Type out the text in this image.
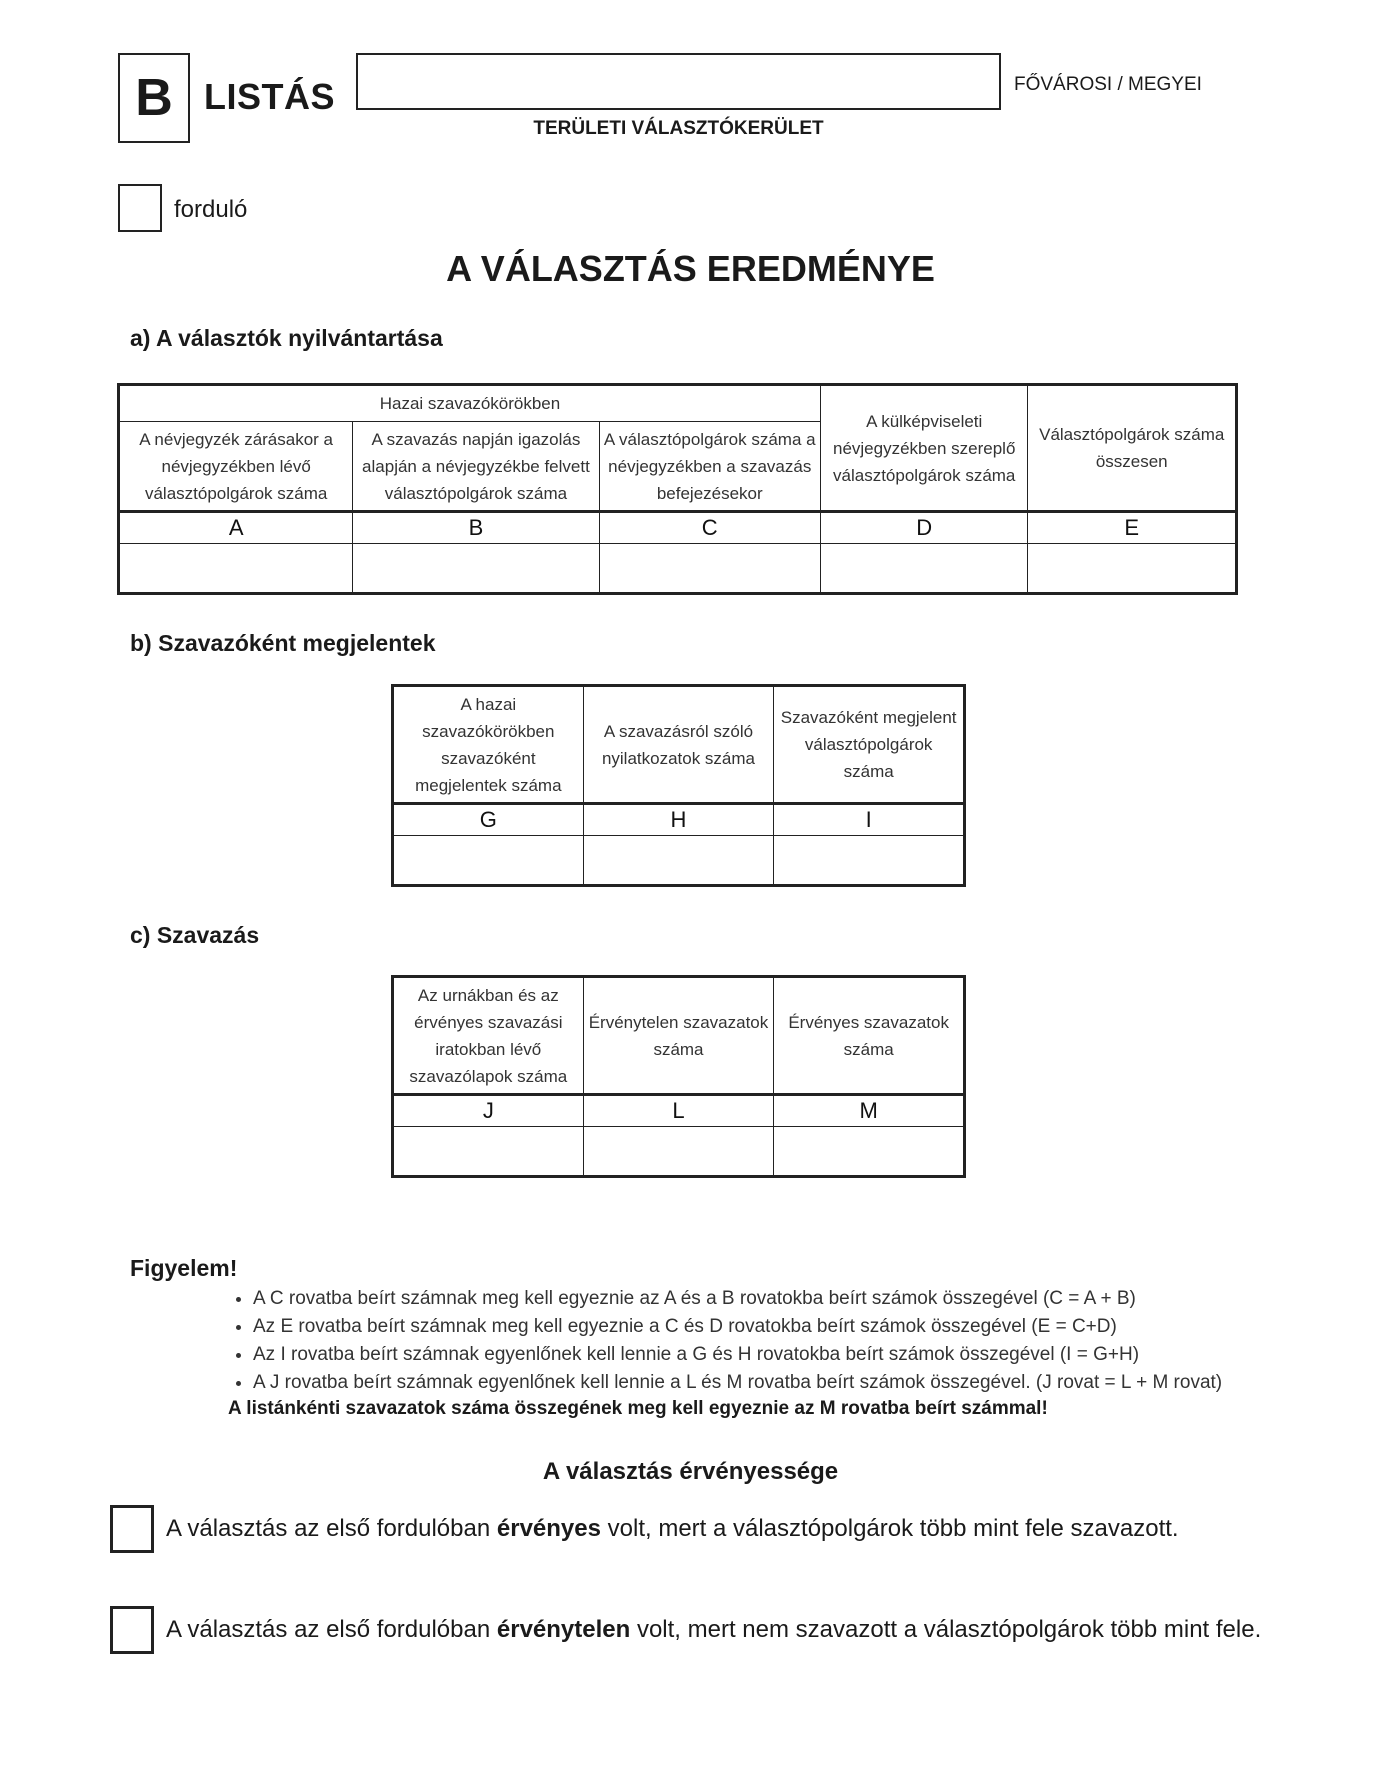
B LISTÁS
TERÜLETI VÁLASZTÓKERÜLET
FŐVÁROSI / MEGYEI
forduló
A VÁLASZTÁS EREDMÉNYE
a) A választók nyilvántartása
Hazai szavazókörökben			A külképviseleti névjegyzékben szereplő választópolgárok száma	Választópolgárok száma összesen
A névjegyzék zárásakor a névjegyzékben lévő választópolgárok száma	A szavazás napján igazolás alapján a névjegyzékbe felvett választópolgárok száma	A választópolgárok száma a névjegyzékben a szavazás befejezésekor		
A	B	C	D	E

b) Szavazóként megjelentek
A hazai szavazókörökben szavazóként megjelentek száma	A szavazásról szóló nyilatkozatok száma	Szavazóként megjelent választópolgárok száma
G	H	I

c) Szavazás
Az urnákban és az érvényes szavazási iratokban lévő szavazólapok száma	Érvénytelen szavazatok száma	Érvényes szavazatok száma
J	L	M

Figyelem!
• A C rovatba beírt számnak meg kell egyeznie az A és a B rovatokba beírt számok összegével (C = A + B)
• Az E rovatba beírt számnak meg kell egyeznie a C és D rovatokba beírt számok összegével (E = C+D)
• Az I rovatba beírt számnak egyenlőnek kell lennie a G és H rovatokba beírt számok összegével (I = G+H)
• A J rovatba beírt számnak egyenlőnek kell lennie a L és M rovatba beírt számok összegével. (J rovat = L + M rovat)
A listánkénti szavazatok száma összegének meg kell egyeznie az M rovatba beírt számmal!
A választás érvényessége
A választás az első fordulóban érvényes volt, mert a választópolgárok több mint fele szavazott.
A választás az első fordulóban érvénytelen volt, mert nem szavazott a választópolgárok több mint fele.
